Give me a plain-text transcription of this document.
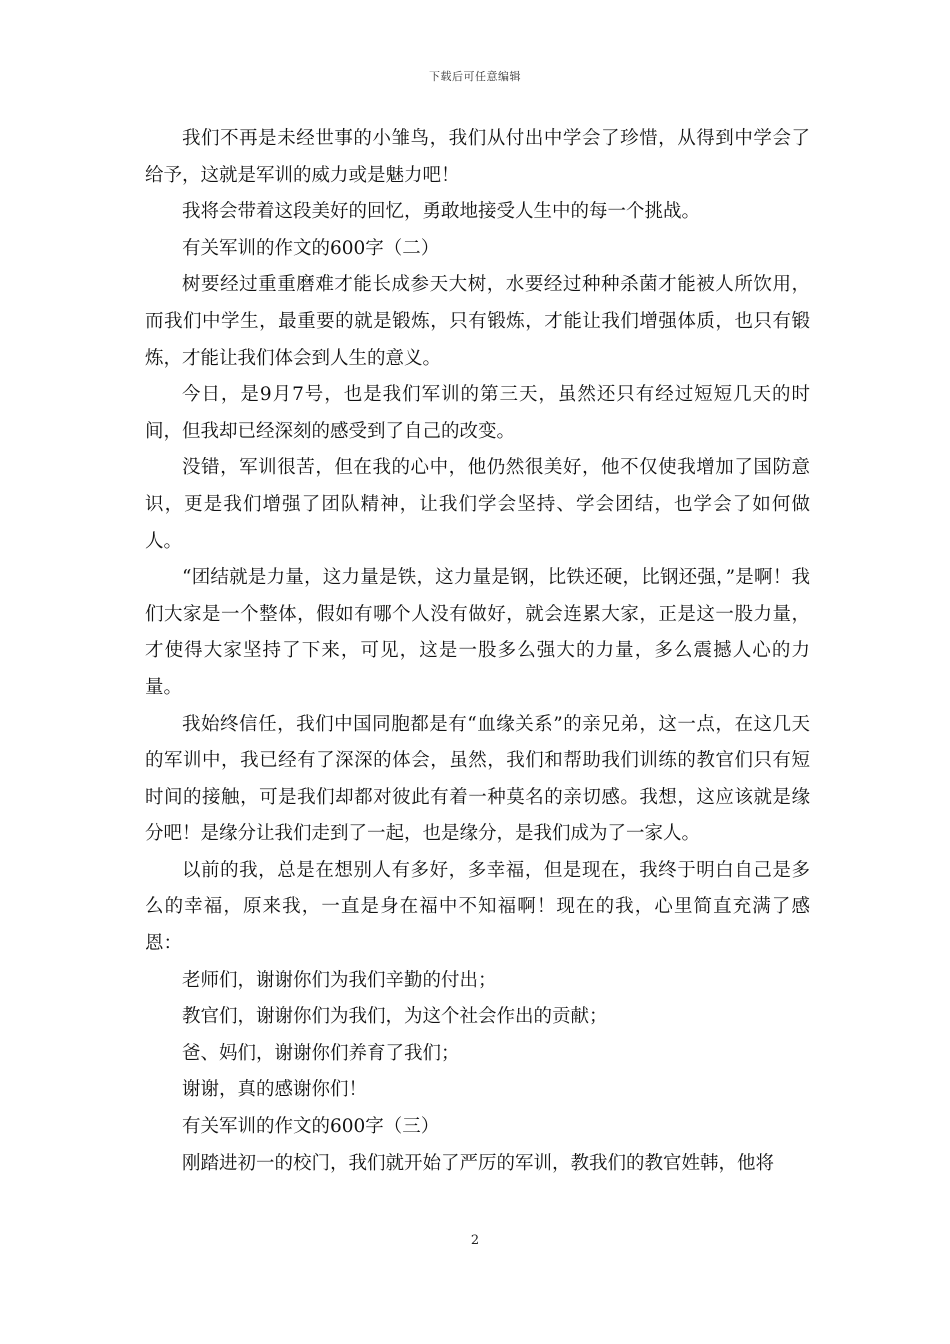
下载后可任意编辑

我们不再是未经世事的小雏鸟，我们从付出中学会了珍惜，从得到中学会了给予，这就是军训的威力或是魅力吧！

我将会带着这段美好的回忆，勇敢地接受人生中的每一个挑战。

有关军训的作文的600字（二）

树要经过重重磨难才能长成参天大树，水要经过种种杀菌才能被人所饮用，而我们中学生，最重要的就是锻炼，只有锻炼，才能让我们增强体质，也只有锻炼，才能让我们体会到人生的意义。

今日，是9月7号，也是我们军训的第三天，虽然还只有经过短短几天的时间，但我却已经深刻的感受到了自己的改变。

没错，军训很苦，但在我的心中，他仍然很美好，他不仅使我增加了国防意识，更是我们增强了团队精神，让我们学会坚持、学会团结，也学会了如何做人。

“团结就是力量，这力量是铁，这力量是钢，比铁还硬，比钢还强，”是啊！我们大家是一个整体，假如有哪个人没有做好，就会连累大家，正是这一股力量，才使得大家坚持了下来，可见，这是一股多么强大的力量，多么震撼人心的力量。

我始终信任，我们中国同胞都是有“血缘关系”的亲兄弟，这一点，在这几天的军训中，我已经有了深深的体会，虽然，我们和帮助我们训练的教官们只有短时间的接触，可是我们却都对彼此有着一种莫名的亲切感。我想，这应该就是缘分吧！是缘分让我们走到了一起，也是缘分，是我们成为了一家人。

以前的我，总是在想别人有多好，多幸福，但是现在，我终于明白自己是多么的幸福，原来我，一直是身在福中不知福啊！现在的我，心里简直充满了感恩：

老师们，谢谢你们为我们辛勤的付出；

教官们，谢谢你们为我们，为这个社会作出的贡献；

爸、妈们，谢谢你们养育了我们；

谢谢，真的感谢你们！

有关军训的作文的600字（三）

刚踏进初一的校门，我们就开始了严厉的军训，教我们的教官姓韩，他将

2
